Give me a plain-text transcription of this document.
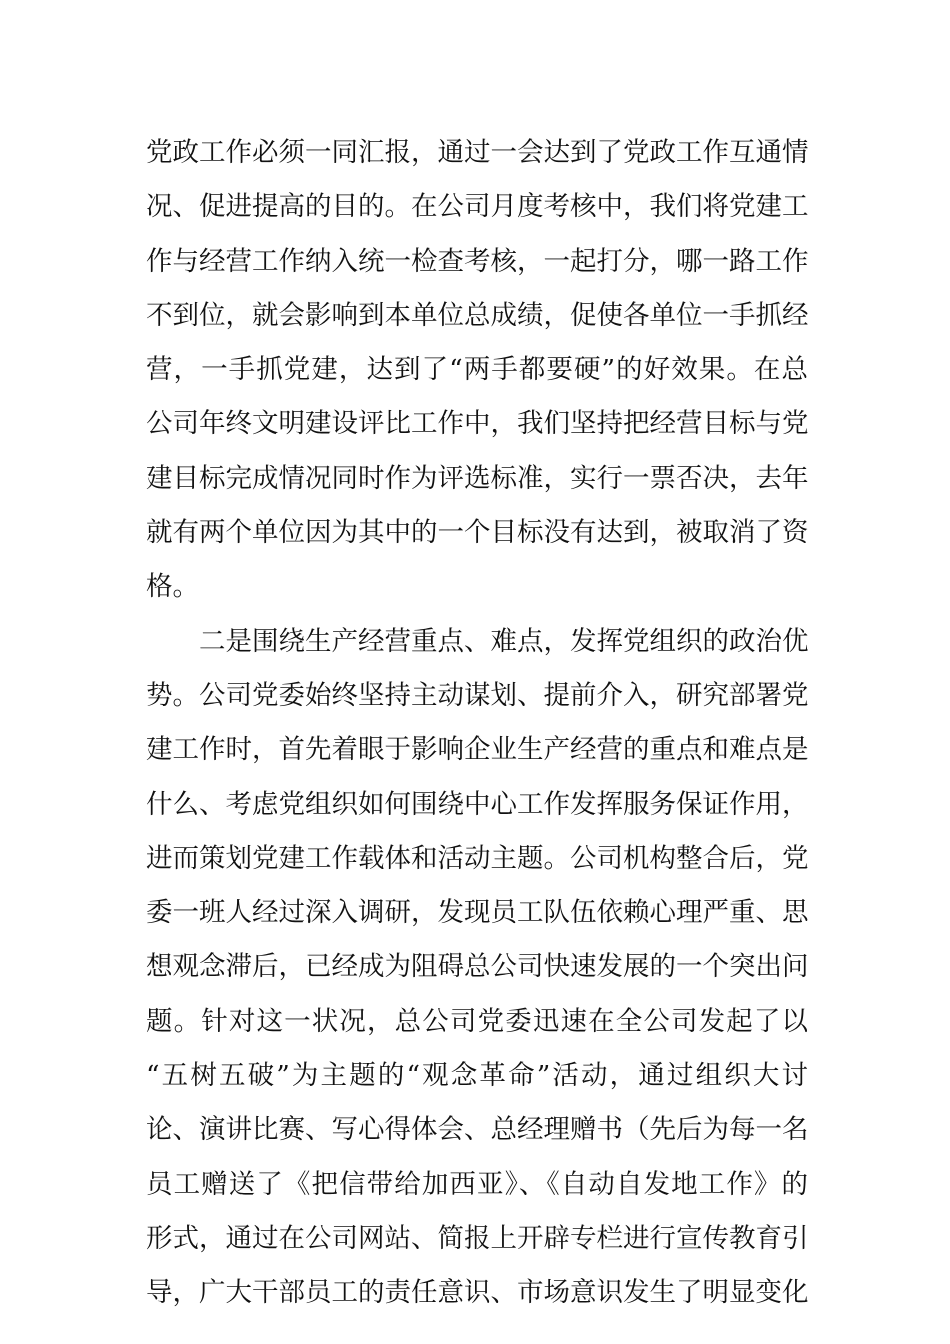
党政工作必须一同汇报，通过一会达到了党政工作互通情
况、促进提高的目的。在公司月度考核中，我们将党建工
作与经营工作纳入统一检查考核，一起打分，哪一路工作
不到位，就会影响到本单位总成绩，促使各单位一手抓经
营，一手抓党建，达到了“两手都要硬”的好效果。在总
公司年终文明建设评比工作中，我们坚持把经营目标与党
建目标完成情况同时作为评选标准，实行一票否决，去年
就有两个单位因为其中的一个目标没有达到，被取消了资
格。
二是围绕生产经营重点、难点，发挥党组织的政治优
势。公司党委始终坚持主动谋划、提前介入，研究部署党
建工作时，首先着眼于影响企业生产经营的重点和难点是
什么、考虑党组织如何围绕中心工作发挥服务保证作用，
进而策划党建工作载体和活动主题。公司机构整合后，党
委一班人经过深入调研，发现员工队伍依赖心理严重、思
想观念滞后，已经成为阻碍总公司快速发展的一个突出问
题。针对这一状况，总公司党委迅速在全公司发起了以
“五树五破”为主题的“观念革命”活动，通过组织大讨
论、演讲比赛、写心得体会、总经理赠书（先后为每一名
员工赠送了《把信带给加西亚》、《自动自发地工作》的
形式，通过在公司网站、简报上开辟专栏进行宣传教育引
导，广大干部员工的责任意识、市场意识发生了明显变化
